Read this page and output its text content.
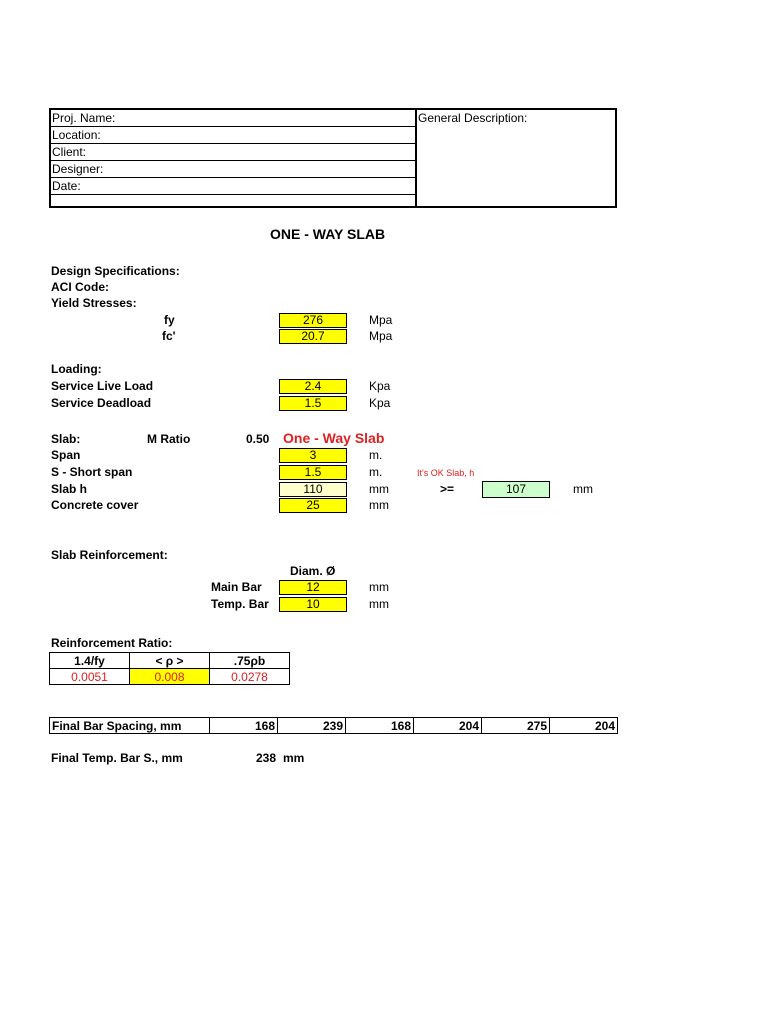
Proj. Name:
Location:
Client:
Designer:
Date:
General Description:
ONE - WAY SLAB
Design Specifications:
ACI Code:
Yield Stresses:
fy	276	Mpa
fc'	20.7	Mpa
Loading:
Service Live Load	2.4	Kpa
Service Deadload	1.5	Kpa
Slab:	M Ratio	0.50 One - Way Slab
Span	3	m.
S - Short span	1.5	m.	It's OK Slab, h
Slab h	110	mm	>=	107	mm
Concrete cover	25	mm
Slab Reinforcement:
Diam. Ø
Main Bar	12	mm
Temp. Bar	10	mm
Reinforcement Ratio:
1.4/fy	< ρ >	.75ρb
0.0051	0.008	0.0278
Final Bar Spacing, mm	168	239	168	204	275	204
Final Temp. Bar S., mm	238 mm
